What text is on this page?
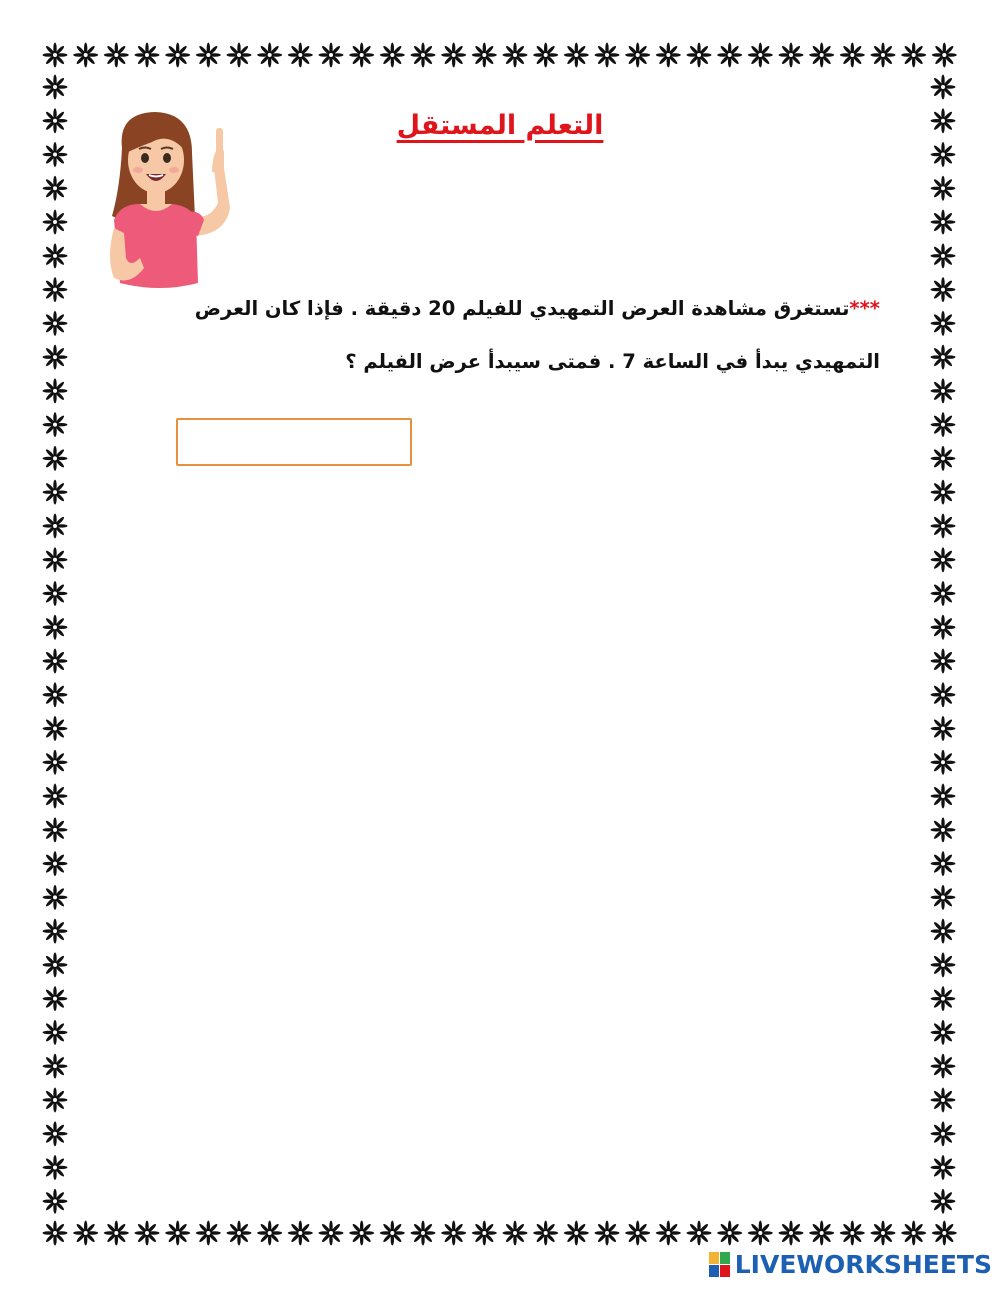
التعلم المستقل
***تستغرق مشاهدة العرض التمهيدي للفيلم 20 دقيقة . فإذا كان العرض
التمهيدي يبدأ في الساعة 7 . فمتى سيبدأ عرض الفيلم ؟
LIVEWORKSHEETS
